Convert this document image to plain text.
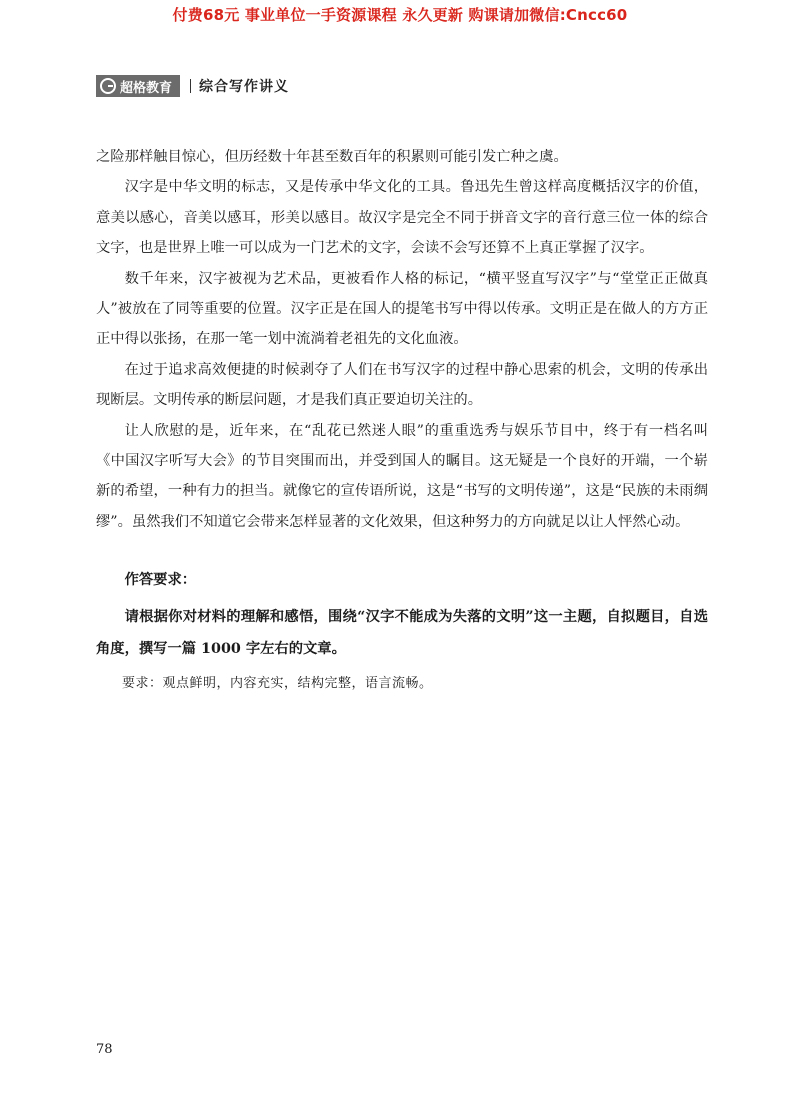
付费68元 事业单位一手资源课程 永久更新 购课请加微信:Cncc60
超格教育 综合写作讲义

之险那样触目惊心，但历经数十年甚至数百年的积累则可能引发亡种之虞。

汉字是中华文明的标志，又是传承中华文化的工具。鲁迅先生曾这样高度概括汉字的价值，意美以感心，音美以感耳，形美以感目。故汉字是完全不同于拼音文字的音行意三位一体的综合文字，也是世界上唯一可以成为一门艺术的文字，会读不会写还算不上真正掌握了汉字。

数千年来，汉字被视为艺术品，更被看作人格的标记，“横平竖直写汉字”与“堂堂正正做真人”被放在了同等重要的位置。汉字正是在国人的提笔书写中得以传承。文明正是在做人的方方正正中得以张扬，在那一笔一划中流淌着老祖先的文化血液。

在过于追求高效便捷的时候剥夺了人们在书写汉字的过程中静心思索的机会，文明的传承出现断层。文明传承的断层问题，才是我们真正要迫切关注的。

让人欣慰的是，近年来，在“乱花已然迷人眼”的重重选秀与娱乐节目中，终于有一档名叫《中国汉字听写大会》的节目突围而出，并受到国人的瞩目。这无疑是一个良好的开端，一个崭新的希望，一种有力的担当。就像它的宣传语所说，这是“书写的文明传递”，这是“民族的未雨绸缪”。虽然我们不知道它会带来怎样显著的文化效果，但这种努力的方向就足以让人怦然心动。

作答要求：

请根据你对材料的理解和感悟，围绕“汉字不能成为失落的文明”这一主题，自拟题目，自选角度，撰写一篇 1000 字左右的文章。

要求：观点鲜明，内容充实，结构完整，语言流畅。

78
